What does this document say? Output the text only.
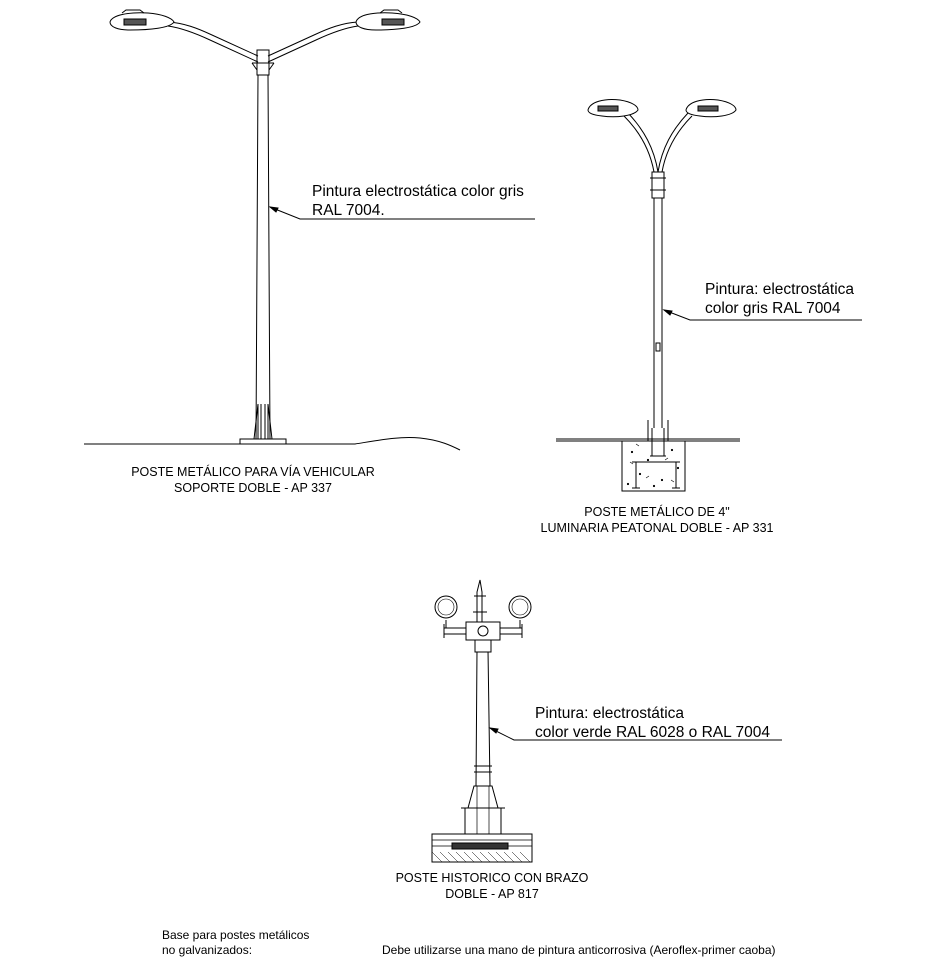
Pintura electrostática color gris
RAL 7004.
POSTE METÁLICO PARA VÍA VEHICULAR
SOPORTE DOBLE - AP 337
Pintura: electrostática
color gris RAL 7004
POSTE METÁLICO DE 4"
LUMINARIA PEATONAL DOBLE - AP 331
Pintura: electrostática
color verde RAL 6028 o RAL 7004
POSTE HISTORICO CON BRAZO
DOBLE - AP 817
Base para postes metálicos
no galvanizados:	Debe utilizarse una mano de pintura anticorrosiva (Aeroflex-primer caoba)
